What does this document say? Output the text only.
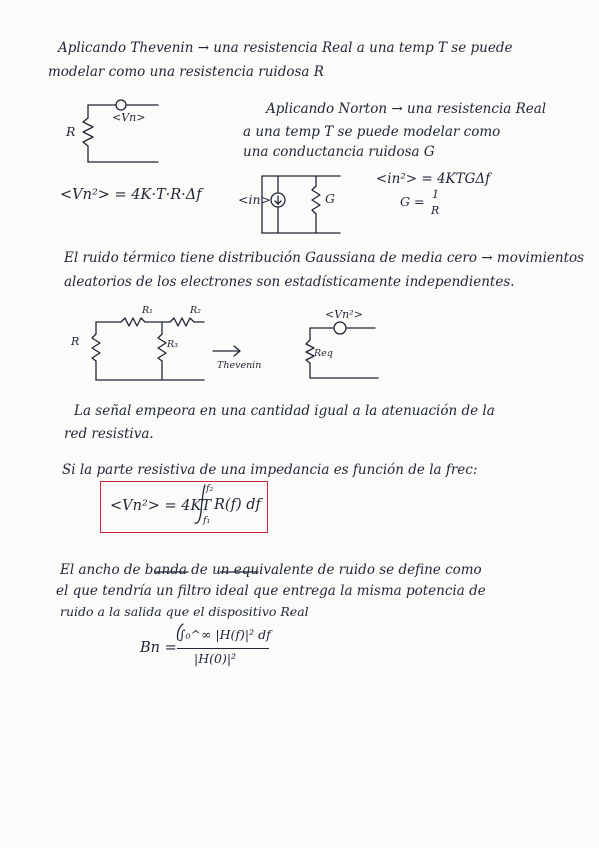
Aplicando Thevenin → una resistencia Real a una temp T se puede
modelar como una resistencia ruidosa R
Aplicando Norton → una resistencia Real
a una temp T se puede modelar como
una conductancia ruidosa G
<Vn²> = 4K·T·R·Δf
<in²> = 4KTGΔf
G = 1
R
<Vn>
R
<in>	G
El ruido térmico tiene distribución Gaussiana de media cero → movimientos
aleatorios de los electrones son estadísticamente independientes.
R₁	R₂
R₃
R
Thevenin
<Vn²>
Req
La señal empeora en una cantidad igual a la atenuación de la
red resistiva.
Si la parte resistiva de una impedancia es función de la frec:
<Vn²> = 4KT
f₂
f₁
R(f) df
El ancho de banda de un equivalente de ruido se define como
el que tendría un filtro ideal que entrega la misma potencia de
ruido a la salida que el dispositivo Real
Bn =
∫₀^∞ |H(f)|² df
|H(0)|²
